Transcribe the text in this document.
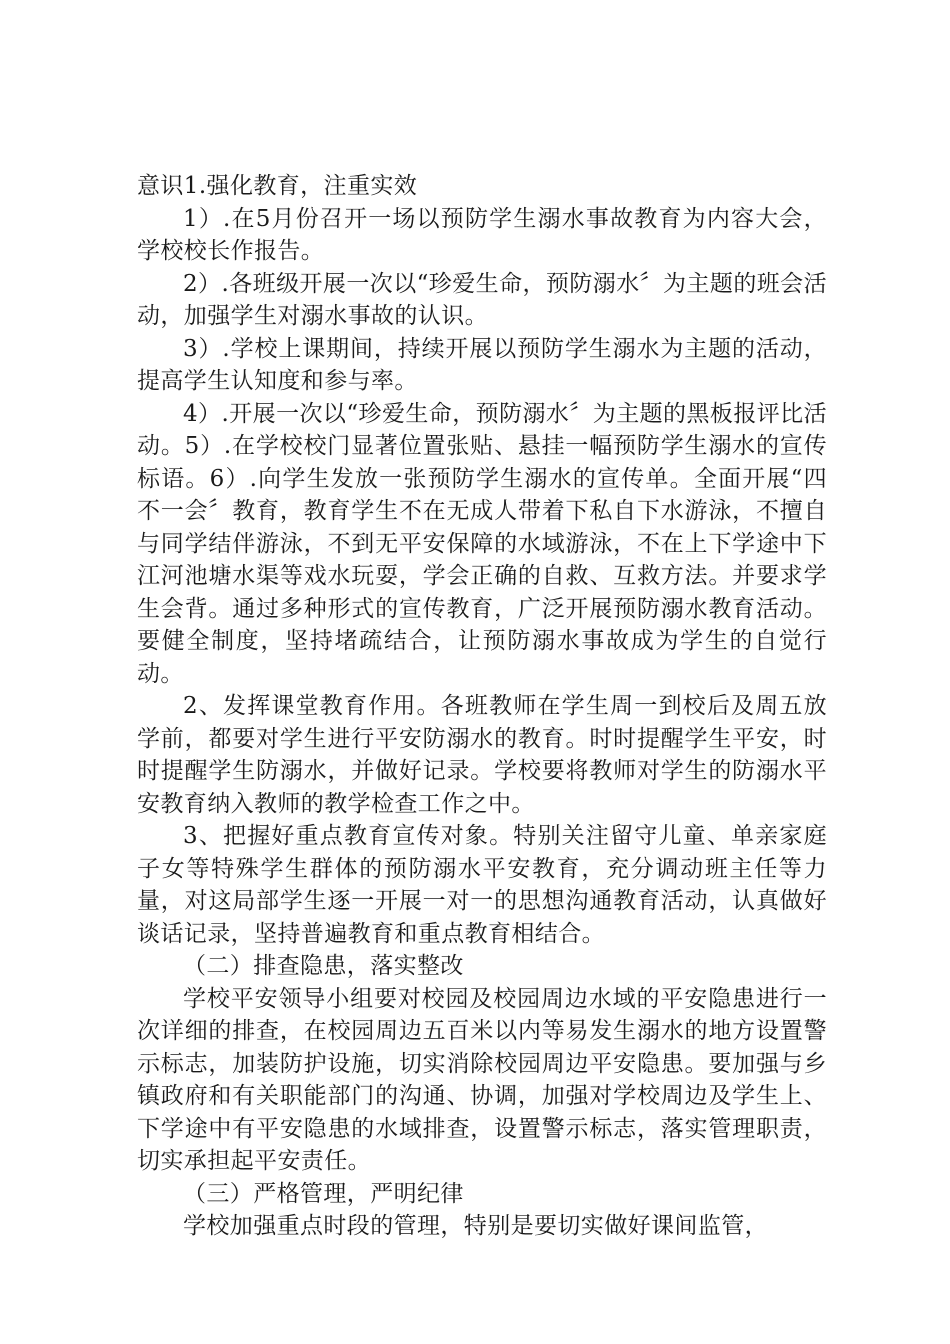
意识1.强化教育，注重实效

1）.在5月份召开一场以预防学生溺水事故教育为内容大会，学校校长作报告。

2）.各班级开展一次以“珍爱生命，预防溺水〞为主题的班会活动，加强学生对溺水事故的认识。

3）.学校上课期间，持续开展以预防学生溺水为主题的活动，提高学生认知度和参与率。

4）.开展一次以“珍爱生命，预防溺水〞为主题的黑板报评比活动。5）.在学校校门显著位置张贴、悬挂一幅预防学生溺水的宣传标语。6）.向学生发放一张预防学生溺水的宣传单。全面开展“四不一会〞教育，教育学生不在无成人带着下私自下水游泳，不擅自与同学结伴游泳，不到无平安保障的水域游泳，不在上下学途中下江河池塘水渠等戏水玩耍，学会正确的自救、互救方法。并要求学生会背。通过多种形式的宣传教育，广泛开展预防溺水教育活动。要健全制度，坚持堵疏结合，让预防溺水事故成为学生的自觉行动。

2、发挥课堂教育作用。各班教师在学生周一到校后及周五放学前，都要对学生进行平安防溺水的教育。时时提醒学生平安，时时提醒学生防溺水，并做好记录。学校要将教师对学生的防溺水平安教育纳入教师的教学检查工作之中。

3、把握好重点教育宣传对象。特别关注留守儿童、单亲家庭子女等特殊学生群体的预防溺水平安教育，充分调动班主任等力量，对这局部学生逐一开展一对一的思想沟通教育活动，认真做好谈话记录，坚持普遍教育和重点教育相结合。

（二）排查隐患，落实整改

学校平安领导小组要对校园及校园周边水域的平安隐患进行一次详细的排查，在校园周边五百米以内等易发生溺水的地方设置警示标志，加装防护设施，切实消除校园周边平安隐患。要加强与乡镇政府和有关职能部门的沟通、协调，加强对学校周边及学生上、下学途中有平安隐患的水域排查，设置警示标志，落实管理职责，切实承担起平安责任。

（三）严格管理，严明纪律

学校加强重点时段的管理，特别是要切实做好课间监管，
